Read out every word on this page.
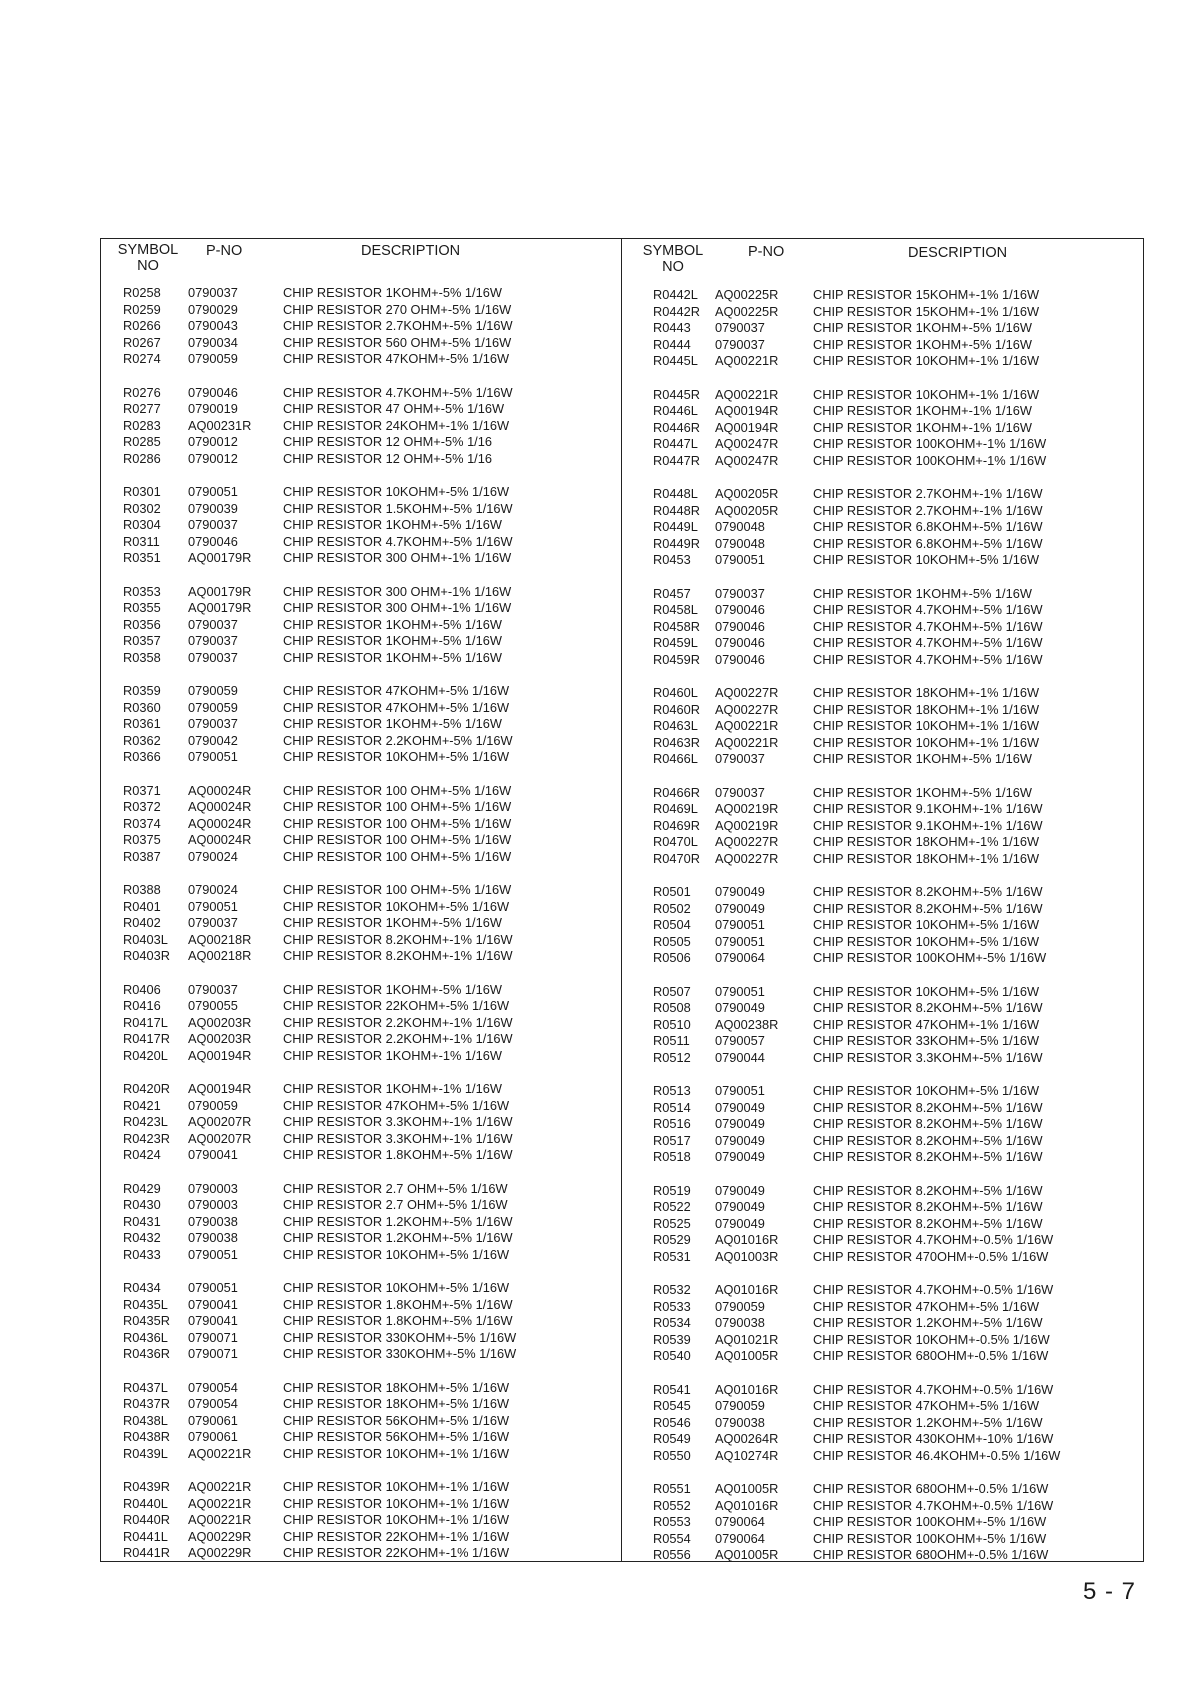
SYMBOL NO
P-NO	DESCRIPTION
R0258 0790037	CHIP RESISTOR 1KOHM+-5% 1/16W
R0259 0790029	CHIP RESISTOR 270 OHM+-5% 1/16W
R0266 0790043	CHIP RESISTOR 2.7KOHM+-5% 1/16W
R0267 0790034	CHIP RESISTOR 560 OHM+-5% 1/16W
R0274 0790059	CHIP RESISTOR 47KOHM+-5% 1/16W
R0276 0790046	CHIP RESISTOR 4.7KOHM+-5% 1/16W
R0277 0790019	CHIP RESISTOR 47 OHM+-5% 1/16W
R0283 AQ00231R CHIP RESISTOR 24KOHM+-1% 1/16W
R0285 0790012	CHIP RESISTOR 12 OHM+-5% 1/16
R0286 0790012	CHIP RESISTOR 12 OHM+-5% 1/16
R0301 0790051	CHIP RESISTOR 10KOHM+-5% 1/16W
R0302 0790039	CHIP RESISTOR 1.5KOHM+-5% 1/16W
R0304 0790037	CHIP RESISTOR 1KOHM+-5% 1/16W
R0311 0790046	CHIP RESISTOR 4.7KOHM+-5% 1/16W
R0351 AQ00179R CHIP RESISTOR 300 OHM+-1% 1/16W
R0353 AQ00179R CHIP RESISTOR 300 OHM+-1% 1/16W
R0355 AQ00179R CHIP RESISTOR 300 OHM+-1% 1/16W
R0356 0790037	CHIP RESISTOR 1KOHM+-5% 1/16W
R0357 0790037	CHIP RESISTOR 1KOHM+-5% 1/16W
R0358 0790037	CHIP RESISTOR 1KOHM+-5% 1/16W
R0359 0790059	CHIP RESISTOR 47KOHM+-5% 1/16W
R0360 0790059	CHIP RESISTOR 47KOHM+-5% 1/16W
R0361 0790037	CHIP RESISTOR 1KOHM+-5% 1/16W
R0362 0790042	CHIP RESISTOR 2.2KOHM+-5% 1/16W
R0366 0790051	CHIP RESISTOR 10KOHM+-5% 1/16W
R0371 AQ00024R CHIP RESISTOR 100 OHM+-5% 1/16W
R0372 AQ00024R CHIP RESISTOR 100 OHM+-5% 1/16W
R0374 AQ00024R CHIP RESISTOR 100 OHM+-5% 1/16W
R0375 AQ00024R CHIP RESISTOR 100 OHM+-5% 1/16W
R0387 0790024	CHIP RESISTOR 100 OHM+-5% 1/16W
R0388 0790024	CHIP RESISTOR 100 OHM+-5% 1/16W
R0401 0790051	CHIP RESISTOR 10KOHM+-5% 1/16W
R0402 0790037	CHIP RESISTOR 1KOHM+-5% 1/16W
R0403L AQ00218R CHIP RESISTOR 8.2KOHM+-1% 1/16W
R0403R AQ00218R CHIP RESISTOR 8.2KOHM+-1% 1/16W
R0406 0790037	CHIP RESISTOR 1KOHM+-5% 1/16W
R0416 0790055	CHIP RESISTOR 22KOHM+-5% 1/16W
R0417L AQ00203R CHIP RESISTOR 2.2KOHM+-1% 1/16W
R0417R AQ00203R CHIP RESISTOR 2.2KOHM+-1% 1/16W
R0420L AQ00194R CHIP RESISTOR 1KOHM+-1% 1/16W
R0420R AQ00194R CHIP RESISTOR 1KOHM+-1% 1/16W
R0421 0790059	CHIP RESISTOR 47KOHM+-5% 1/16W
R0423L AQ00207R CHIP RESISTOR 3.3KOHM+-1% 1/16W
R0423R AQ00207R CHIP RESISTOR 3.3KOHM+-1% 1/16W
R0424 0790041	CHIP RESISTOR 1.8KOHM+-5% 1/16W
R0429 0790003	CHIP RESISTOR 2.7 OHM+-5% 1/16W
R0430 0790003	CHIP RESISTOR 2.7 OHM+-5% 1/16W
R0431 0790038	CHIP RESISTOR 1.2KOHM+-5% 1/16W
R0432 0790038	CHIP RESISTOR 1.2KOHM+-5% 1/16W
R0433 0790051	CHIP RESISTOR 10KOHM+-5% 1/16W
R0434 0790051	CHIP RESISTOR 10KOHM+-5% 1/16W
R0435L 0790041	CHIP RESISTOR 1.8KOHM+-5% 1/16W
R0435R 0790041	CHIP RESISTOR 1.8KOHM+-5% 1/16W
R0436L 0790071	CHIP RESISTOR 330KOHM+-5% 1/16W
R0436R 0790071	CHIP RESISTOR 330KOHM+-5% 1/16W
R0437L 0790054	CHIP RESISTOR 18KOHM+-5% 1/16W
R0437R 0790054	CHIP RESISTOR 18KOHM+-5% 1/16W
R0438L 0790061	CHIP RESISTOR 56KOHM+-5% 1/16W
R0438R 0790061	CHIP RESISTOR 56KOHM+-5% 1/16W
R0439L AQ00221R CHIP RESISTOR 10KOHM+-1% 1/16W
R0439R AQ00221R CHIP RESISTOR 10KOHM+-1% 1/16W
R0440L AQ00221R CHIP RESISTOR 10KOHM+-1% 1/16W
R0440R AQ00221R CHIP RESISTOR 10KOHM+-1% 1/16W
R0441L AQ00229R CHIP RESISTOR 22KOHM+-1% 1/16W
R0441R AQ00229R CHIP RESISTOR 22KOHM+-1% 1/16W
SYMBOL NO
P-NO	DESCRIPTION
R0442L AQ00225R	CHIP RESISTOR 15KOHM+-1% 1/16W
R0442R AQ00225R	CHIP RESISTOR 15KOHM+-1% 1/16W
R0443 0790037	CHIP RESISTOR 1KOHM+-5% 1/16W
R0444 0790037	CHIP RESISTOR 1KOHM+-5% 1/16W
R0445L AQ00221R	CHIP RESISTOR 10KOHM+-1% 1/16W
R0445R AQ00221R	CHIP RESISTOR 10KOHM+-1% 1/16W
R0446L AQ00194R	CHIP RESISTOR 1KOHM+-1% 1/16W
R0446R AQ00194R	CHIP RESISTOR 1KOHM+-1% 1/16W
R0447L AQ00247R	CHIP RESISTOR 100KOHM+-1% 1/16W
R0447R AQ00247R	CHIP RESISTOR 100KOHM+-1% 1/16W
R0448L AQ00205R	CHIP RESISTOR 2.7KOHM+-1% 1/16W
R0448R AQ00205R	CHIP RESISTOR 2.7KOHM+-1% 1/16W
R0449L 0790048	CHIP RESISTOR 6.8KOHM+-5% 1/16W
R0449R 0790048	CHIP RESISTOR 6.8KOHM+-5% 1/16W
R0453 0790051	CHIP RESISTOR 10KOHM+-5% 1/16W
R0457 0790037	CHIP RESISTOR 1KOHM+-5% 1/16W
R0458L 0790046	CHIP RESISTOR 4.7KOHM+-5% 1/16W
R0458R 0790046	CHIP RESISTOR 4.7KOHM+-5% 1/16W
R0459L 0790046	CHIP RESISTOR 4.7KOHM+-5% 1/16W
R0459R 0790046	CHIP RESISTOR 4.7KOHM+-5% 1/16W
R0460L AQ00227R	CHIP RESISTOR 18KOHM+-1% 1/16W
R0460R AQ00227R	CHIP RESISTOR 18KOHM+-1% 1/16W
R0463L AQ00221R	CHIP RESISTOR 10KOHM+-1% 1/16W
R0463R AQ00221R	CHIP RESISTOR 10KOHM+-1% 1/16W
R0466L 0790037	CHIP RESISTOR 1KOHM+-5% 1/16W
R0466R 0790037	CHIP RESISTOR 1KOHM+-5% 1/16W
R0469L AQ00219R	CHIP RESISTOR 9.1KOHM+-1% 1/16W
R0469R AQ00219R	CHIP RESISTOR 9.1KOHM+-1% 1/16W
R0470L AQ00227R	CHIP RESISTOR 18KOHM+-1% 1/16W
R0470R AQ00227R	CHIP RESISTOR 18KOHM+-1% 1/16W
R0501 0790049	CHIP RESISTOR 8.2KOHM+-5% 1/16W
R0502 0790049	CHIP RESISTOR 8.2KOHM+-5% 1/16W
R0504 0790051	CHIP RESISTOR 10KOHM+-5% 1/16W
R0505 0790051	CHIP RESISTOR 10KOHM+-5% 1/16W
R0506 0790064	CHIP RESISTOR 100KOHM+-5% 1/16W
R0507 0790051	CHIP RESISTOR 10KOHM+-5% 1/16W
R0508 0790049	CHIP RESISTOR 8.2KOHM+-5% 1/16W
R0510 AQ00238R	CHIP RESISTOR 47KOHM+-1% 1/16W
R0511 0790057	CHIP RESISTOR 33KOHM+-5% 1/16W
R0512 0790044	CHIP RESISTOR 3.3KOHM+-5% 1/16W
R0513 0790051	CHIP RESISTOR 10KOHM+-5% 1/16W
R0514 0790049	CHIP RESISTOR 8.2KOHM+-5% 1/16W
R0516 0790049	CHIP RESISTOR 8.2KOHM+-5% 1/16W
R0517 0790049	CHIP RESISTOR 8.2KOHM+-5% 1/16W
R0518 0790049	CHIP RESISTOR 8.2KOHM+-5% 1/16W
R0519 0790049	CHIP RESISTOR 8.2KOHM+-5% 1/16W
R0522 0790049	CHIP RESISTOR 8.2KOHM+-5% 1/16W
R0525 0790049	CHIP RESISTOR 8.2KOHM+-5% 1/16W
R0529 AQ01016R	CHIP RESISTOR 4.7KOHM+-0.5% 1/16W
R0531 AQ01003R	CHIP RESISTOR 470OHM+-0.5% 1/16W
R0532 AQ01016R	CHIP RESISTOR 4.7KOHM+-0.5% 1/16W
R0533 0790059	CHIP RESISTOR 47KOHM+-5% 1/16W
R0534 0790038	CHIP RESISTOR 1.2KOHM+-5% 1/16W
R0539 AQ01021R	CHIP RESISTOR 10KOHM+-0.5% 1/16W
R0540 AQ01005R	CHIP RESISTOR 680OHM+-0.5% 1/16W
R0541 AQ01016R	CHIP RESISTOR 4.7KOHM+-0.5% 1/16W
R0545 0790059	CHIP RESISTOR 47KOHM+-5% 1/16W
R0546 0790038	CHIP RESISTOR 1.2KOHM+-5% 1/16W
R0549 AQ00264R	CHIP RESISTOR 430KOHM+-10% 1/16W
R0550 AQ10274R	CHIP RESISTOR 46.4KOHM+-0.5% 1/16W
R0551 AQ01005R	CHIP RESISTOR 680OHM+-0.5% 1/16W
R0552 AQ01016R	CHIP RESISTOR 4.7KOHM+-0.5% 1/16W
R0553 0790064	CHIP RESISTOR 100KOHM+-5% 1/16W
R0554 0790064	CHIP RESISTOR 100KOHM+-5% 1/16W
R0556 AQ01005R	CHIP RESISTOR 680OHM+-0.5% 1/16W
5 - 7
